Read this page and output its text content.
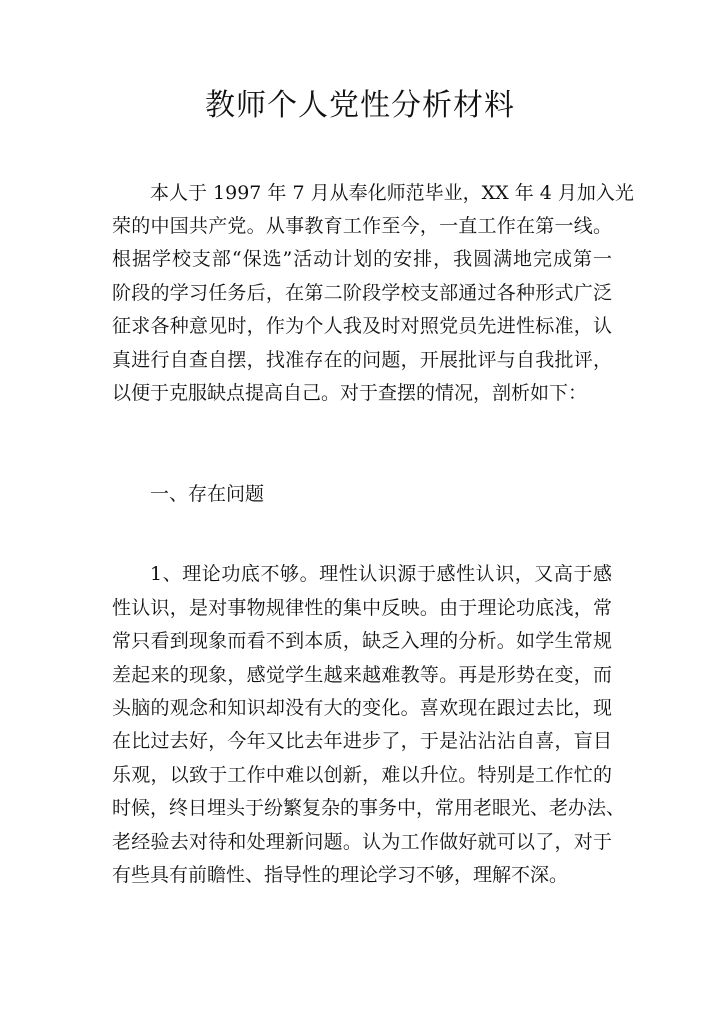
教师个人党性分析材料
本人于 1997 年 7 月从奉化师范毕业，XX 年 4 月加入光
荣的中国共产党。从事教育工作至今，一直工作在第一线。
根据学校支部“保选”活动计划的安排，我圆满地完成第一
阶段的学习任务后，在第二阶段学校支部通过各种形式广泛
征求各种意见时，作为个人我及时对照党员先进性标准，认
真进行自查自摆，找准存在的问题，开展批评与自我批评，
以便于克服缺点提高自己。对于查摆的情况，剖析如下：
一、存在问题
1、理论功底不够。理性认识源于感性认识，又高于感
性认识，是对事物规律性的集中反映。由于理论功底浅，常
常只看到现象而看不到本质，缺乏入理的分析。如学生常规
差起来的现象，感觉学生越来越难教等。再是形势在变，而
头脑的观念和知识却没有大的变化。喜欢现在跟过去比，现
在比过去好，今年又比去年进步了，于是沾沾沾自喜，盲目
乐观，以致于工作中难以创新，难以升位。特别是工作忙的
时候，终日埋头于纷繁复杂的事务中，常用老眼光、老办法、
老经验去对待和处理新问题。认为工作做好就可以了，对于
有些具有前瞻性、指导性的理论学习不够，理解不深。
